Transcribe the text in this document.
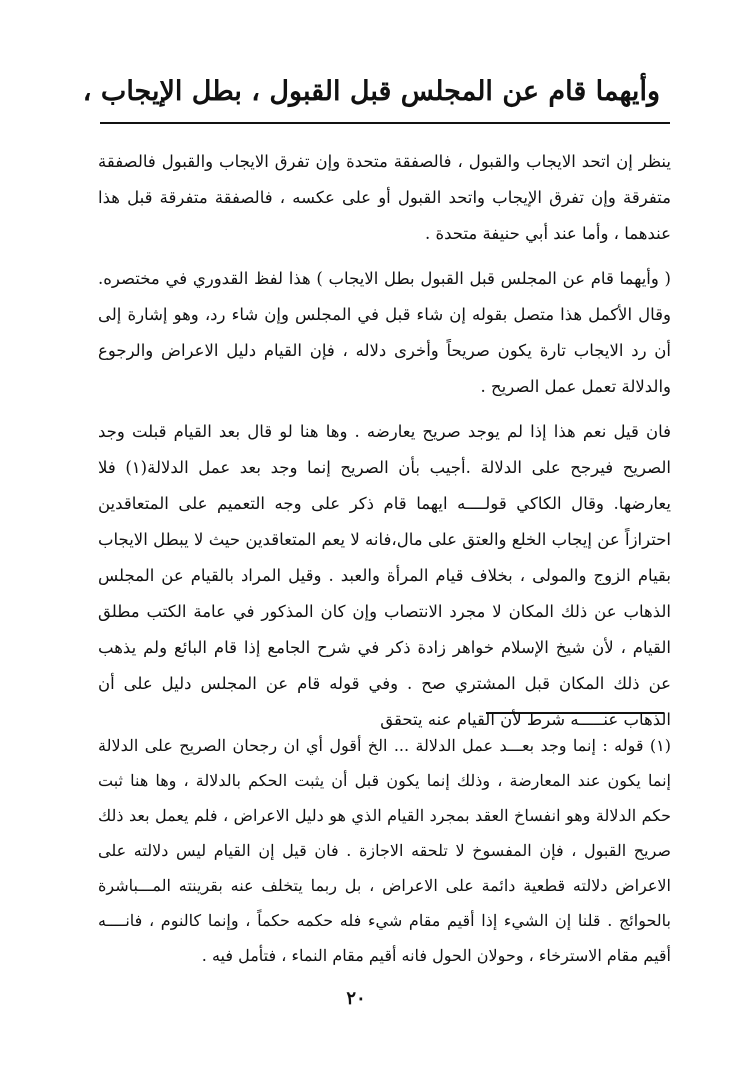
وأيهما قام عن المجلس قبل القبول ، بطل الإيجاب ،

ينظر إن اتحد الايجاب والقبول ، فالصفقة متحدة وإن تفرق الايجاب والقبول فالصفقة متفرقة وإن تفرق الإيجاب واتحد القبول أو على عكسه ، فالصفقة متفرقة قبل هذا عندهما ، وأما عند أبي حنيفة متحدة .

( وأيهما قام عن المجلس قبل القبول بطل الايجاب ) هذا لفظ القدوري في مختصره. وقال الأكمل هذا متصل بقوله إن شاء قبل في المجلس وإن شاء رد، وهو إشارة إلى أن رد الايجاب تارة يكون صريحاً وأخرى دلاله ، فإن القيام دليل الاعراض والرجوع والدلالة تعمل عمل الصريح .

فان قيل نعم هذا إذا لم يوجد صريح يعارضه . وها هنا لو قال بعد القيام قبلت وجد الصريح فيرجح على الدلالة .أجيب بأن الصريح إنما وجد بعد عمل الدلالة(١) فلا يعارضها. وقال الكاكي قولــــه ايهما قام ذكر على وجه التعميم على المتعاقدين احترازاً عن إيجاب الخلع والعتق على مال،فانه لا يعم المتعاقدين حيث لا يبطل الايجاب بقيام الزوج والمولى ، بخلاف قيام المرأة والعبد . وقيل المراد بالقيام عن المجلس الذهاب عن ذلك المكان لا مجرد الانتصاب وإن كان المذكور في عامة الكتب مطلق القيام ، لأن شيخ الإسلام خواهر زادة ذكر في شرح الجامع إذا قام البائع ولم يذهب عن ذلك المكان قبل المشتري صح . وفي قوله قام عن المجلس دليل على أن الذهاب عنـــــه شرط لأن القيام عنه يتحقق

(١) قوله : إنما وجد بعـــد عمل الدلالة ... الخ أقول أي ان رجحان الصريح على الدلالة إنما يكون عند المعارضة ، وذلك إنما يكون قبل أن يثبت الحكم بالدلالة ، وها هنا ثبت حكم الدلالة وهو انفساخ العقد بمجرد القيام الذي هو دليل الاعراض ، فلم يعمل بعد ذلك صريح القبول ، فإن المفسوخ لا تلحقه الاجازة . فان قيل إن القيام ليس دلالته على الاعراض دلالته قطعية دائمة على الاعراض ، بل ربما يتخلف عنه بقرينته المـــباشرة بالحوائج . قلنا إن الشيء إذا أقيم مقام شيء فله حكمه حكماً ، وإنما كالنوم ، فانــــه أقيم مقام الاسترخاء ، وحولان الحول فانه أقيم مقام النماء ، فتأمل فيه .

٢٠
